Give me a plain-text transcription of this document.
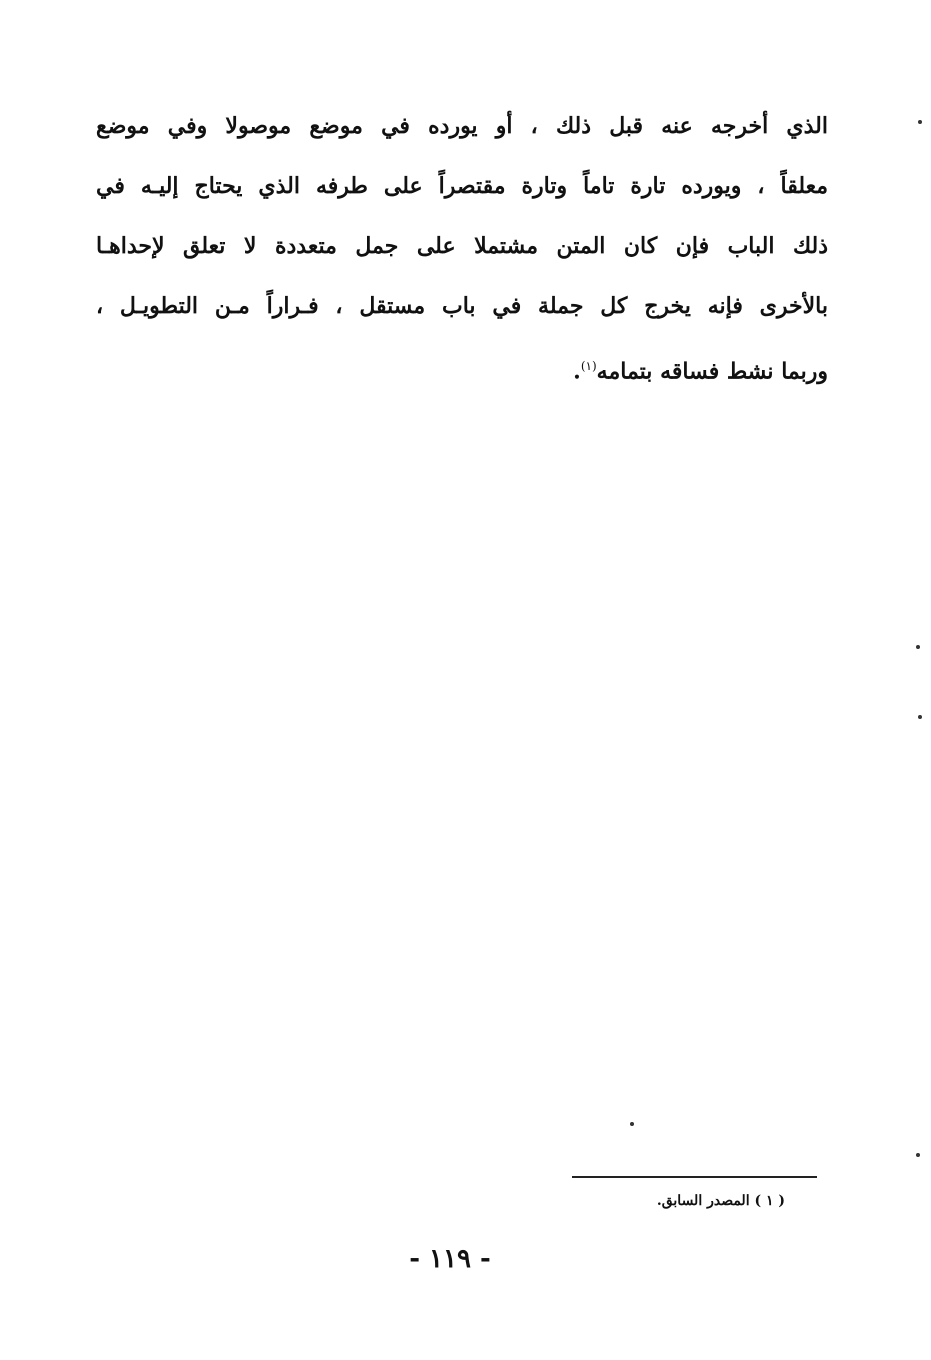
الذي أخرجه عنه قبل ذلك ، أو يورده في موضع موصولا وفي موضع
معلقاً ، ويورده تارة تاماً وتارة مقتصراً على طرفه الذي يحتاج إليـه في
ذلك الباب فإن كان المتن مشتملا على جمل متعددة لا تعلق لإحداهـا
بالأخرى فإنه يخرج كل جملة في باب مستقل ، فـراراً مـن التطويـل ،
وربما نشط فساقه بتمامه$^{(١)}$.
( ١ ) المصدر السابق.
- ١١٩ -
